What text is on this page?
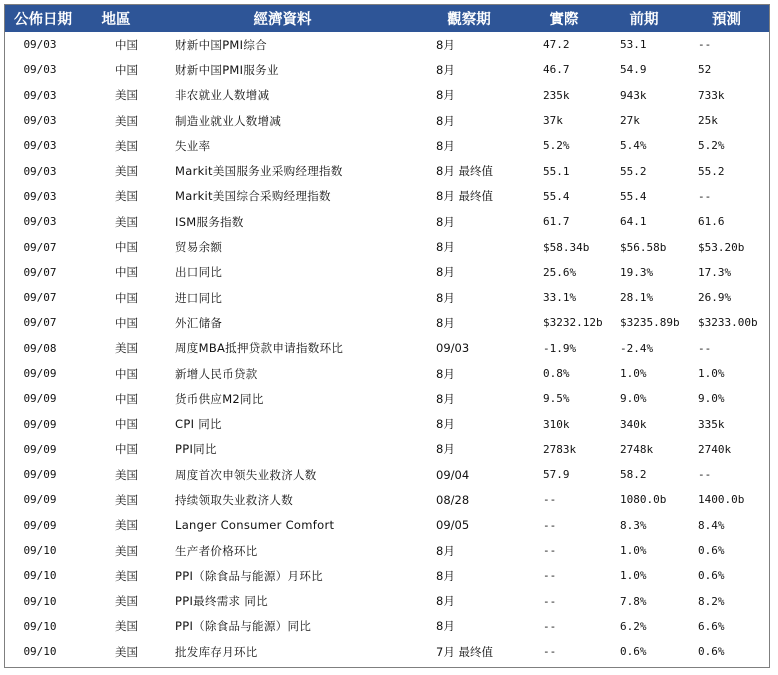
公佈日期	地區	經濟資料	觀察期	實際	前期	預測
09/03	中国	财新中国PMI综合	8月	47.2	53.1	--
09/03	中国	财新中国PMI服务业	8月	46.7	54.9	52
09/03	美国	非农就业人数增减	8月	235k	943k	733k
09/03	美国	制造业就业人数增减	8月	37k	27k	25k
09/03	美国	失业率	8月	5.2%	5.4%	5.2%
09/03	美国	Markit美国服务业采购经理指数	8月 最终值	55.1	55.2	55.2
09/03	美国	Markit美国综合采购经理指数	8月 最终值	55.4	55.4	--
09/03	美国	ISM服务指数	8月	61.7	64.1	61.6
09/07	中国	贸易余额	8月	$58.34b	$56.58b	$53.20b
09/07	中国	出口同比	8月	25.6%	19.3%	17.3%
09/07	中国	进口同比	8月	33.1%	28.1%	26.9%
09/07	中国	外汇储备	8月	$3232.12b	$3235.89b	$3233.00b
09/08	美国	周度MBA抵押贷款申请指数环比	09/03	-1.9%	-2.4%	--
09/09	中国	新增人民币贷款	8月	0.8%	1.0%	1.0%
09/09	中国	货币供应M2同比	8月	9.5%	9.0%	9.0%
09/09	中国	CPI 同比	8月	310k	340k	335k
09/09	中国	PPI同比	8月	2783k	2748k	2740k
09/09	美国	周度首次申领失业救济人数	09/04	57.9	58.2	--
09/09	美国	持续领取失业救济人数	08/28	--	1080.0b	1400.0b
09/09	美国	Langer Consumer Comfort	09/05	--	8.3%	8.4%
09/10	美国	生产者价格环比	8月	--	1.0%	0.6%
09/10	美国	PPI（除食品与能源）月环比	8月	--	1.0%	0.6%
09/10	美国	PPI最终需求 同比	8月	--	7.8%	8.2%
09/10	美国	PPI（除食品与能源）同比	8月	--	6.2%	6.6%
09/10	美国	批发库存月环比	7月 最终值	--	0.6%	0.6%
